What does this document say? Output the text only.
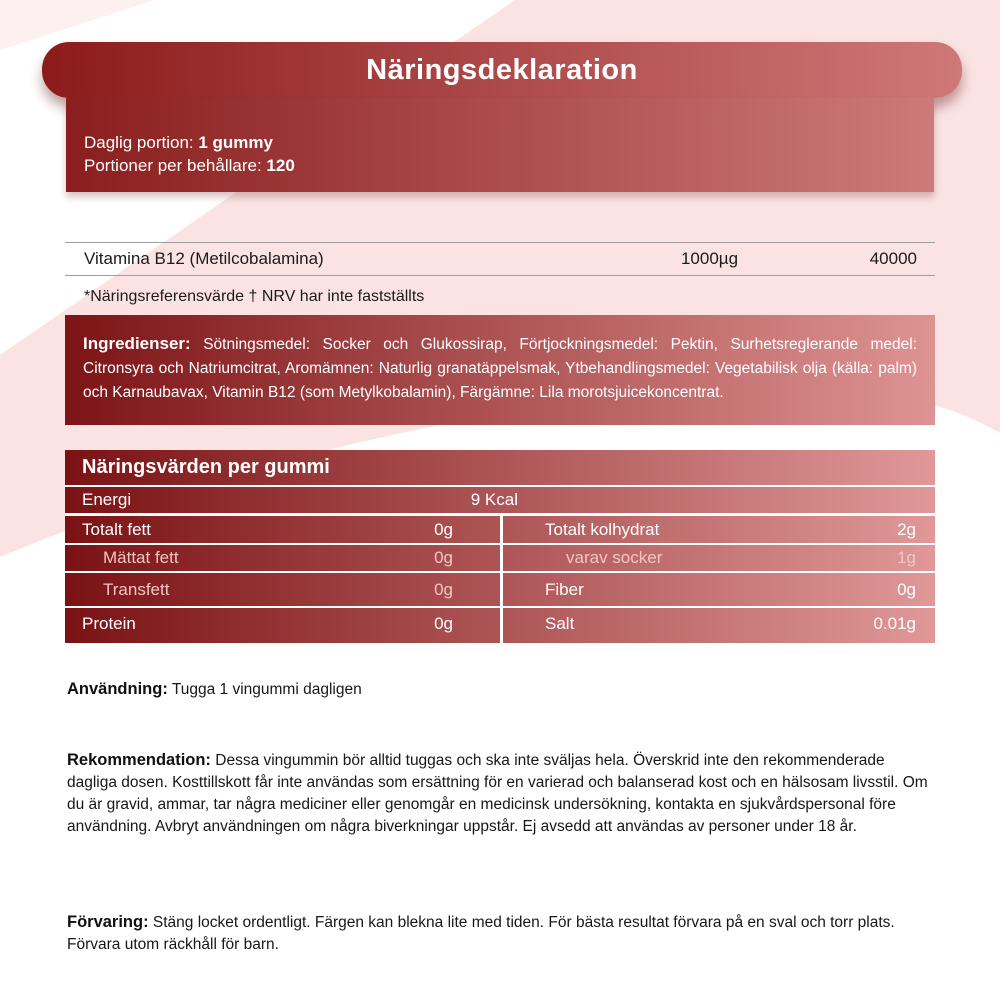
Näringsdeklaration
Daglig portion: 1 gummy
Portioner per behållare: 120
Vitamina B12 (Metilcobalamina)	1000µg	40000
*Näringsreferensvärde † NRV har inte fastställts
Ingredienser: Sötningsmedel: Socker och Glukossirap, Förtjockningsmedel: Pektin, Surhetsreglerande medel: Citronsyra och Natriumcitrat, Aromämnen: Naturlig granatäppelsmak, Ytbehandlingsmedel: Vegetabilisk olja (källa: palm) och Karnaubavax, Vitamin B12 (som Metylkobalamin), Färgämne: Lila morotsjuicekoncentrat.
Näringsvärden per gummi
Energi	9 Kcal
Totalt fett	0g	Totalt kolhydrat	2g
Mättat fett	0g	varav socker	1g
Transfett	0g	Fiber	0g
Protein	0g	Salt	0.01g
Användning: Tugga 1 vingummi dagligen
Rekommendation: Dessa vingummin bör alltid tuggas och ska inte sväljas hela. Överskrid inte den rekommenderade dagliga dosen. Kosttillskott får inte användas som ersättning för en varierad och balanserad kost och en hälsosam livsstil. Om du är gravid, ammar, tar några mediciner eller genomgår en medicinsk undersökning, kontakta en sjukvårdspersonal före användning. Avbryt användningen om några biverkningar uppstår. Ej avsedd att användas av personer under 18 år.
Förvaring: Stäng locket ordentligt. Färgen kan blekna lite med tiden. För bästa resultat förvara på en sval och torr plats. Förvara utom räckhåll för barn.
